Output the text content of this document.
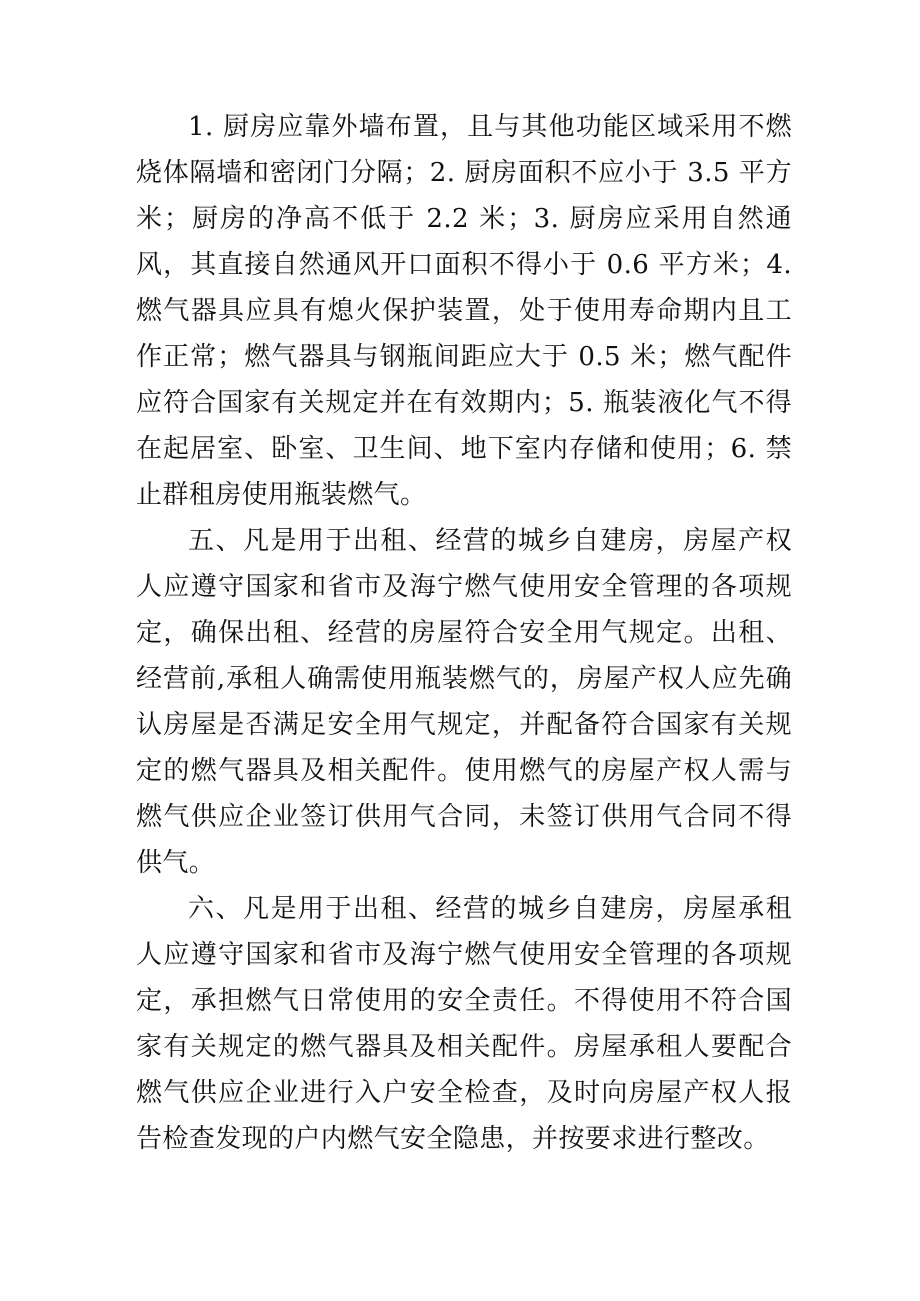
1. 厨房应靠外墙布置，且与其他功能区域采用不燃烧体隔墙和密闭门分隔；2. 厨房面积不应小于 3.5 平方米；厨房的净高不低于 2.2 米；3. 厨房应采用自然通风，其直接自然通风开口面积不得小于 0.6 平方米；4. 燃气器具应具有熄火保护装置，处于使用寿命期内且工作正常；燃气器具与钢瓶间距应大于 0.5 米；燃气配件应符合国家有关规定并在有效期内；5. 瓶装液化气不得在起居室、卧室、卫生间、地下室内存储和使用；6. 禁止群租房使用瓶装燃气。

五、凡是用于出租、经营的城乡自建房，房屋产权人应遵守国家和省市及海宁燃气使用安全管理的各项规定，确保出租、经营的房屋符合安全用气规定。出租、经营前,承租人确需使用瓶装燃气的，房屋产权人应先确认房屋是否满足安全用气规定，并配备符合国家有关规定的燃气器具及相关配件。使用燃气的房屋产权人需与燃气供应企业签订供用气合同，未签订供用气合同不得供气。

六、凡是用于出租、经营的城乡自建房，房屋承租人应遵守国家和省市及海宁燃气使用安全管理的各项规定，承担燃气日常使用的安全责任。不得使用不符合国家有关规定的燃气器具及相关配件。房屋承租人要配合燃气供应企业进行入户安全检查，及时向房屋产权人报告检查发现的户内燃气安全隐患，并按要求进行整改。
